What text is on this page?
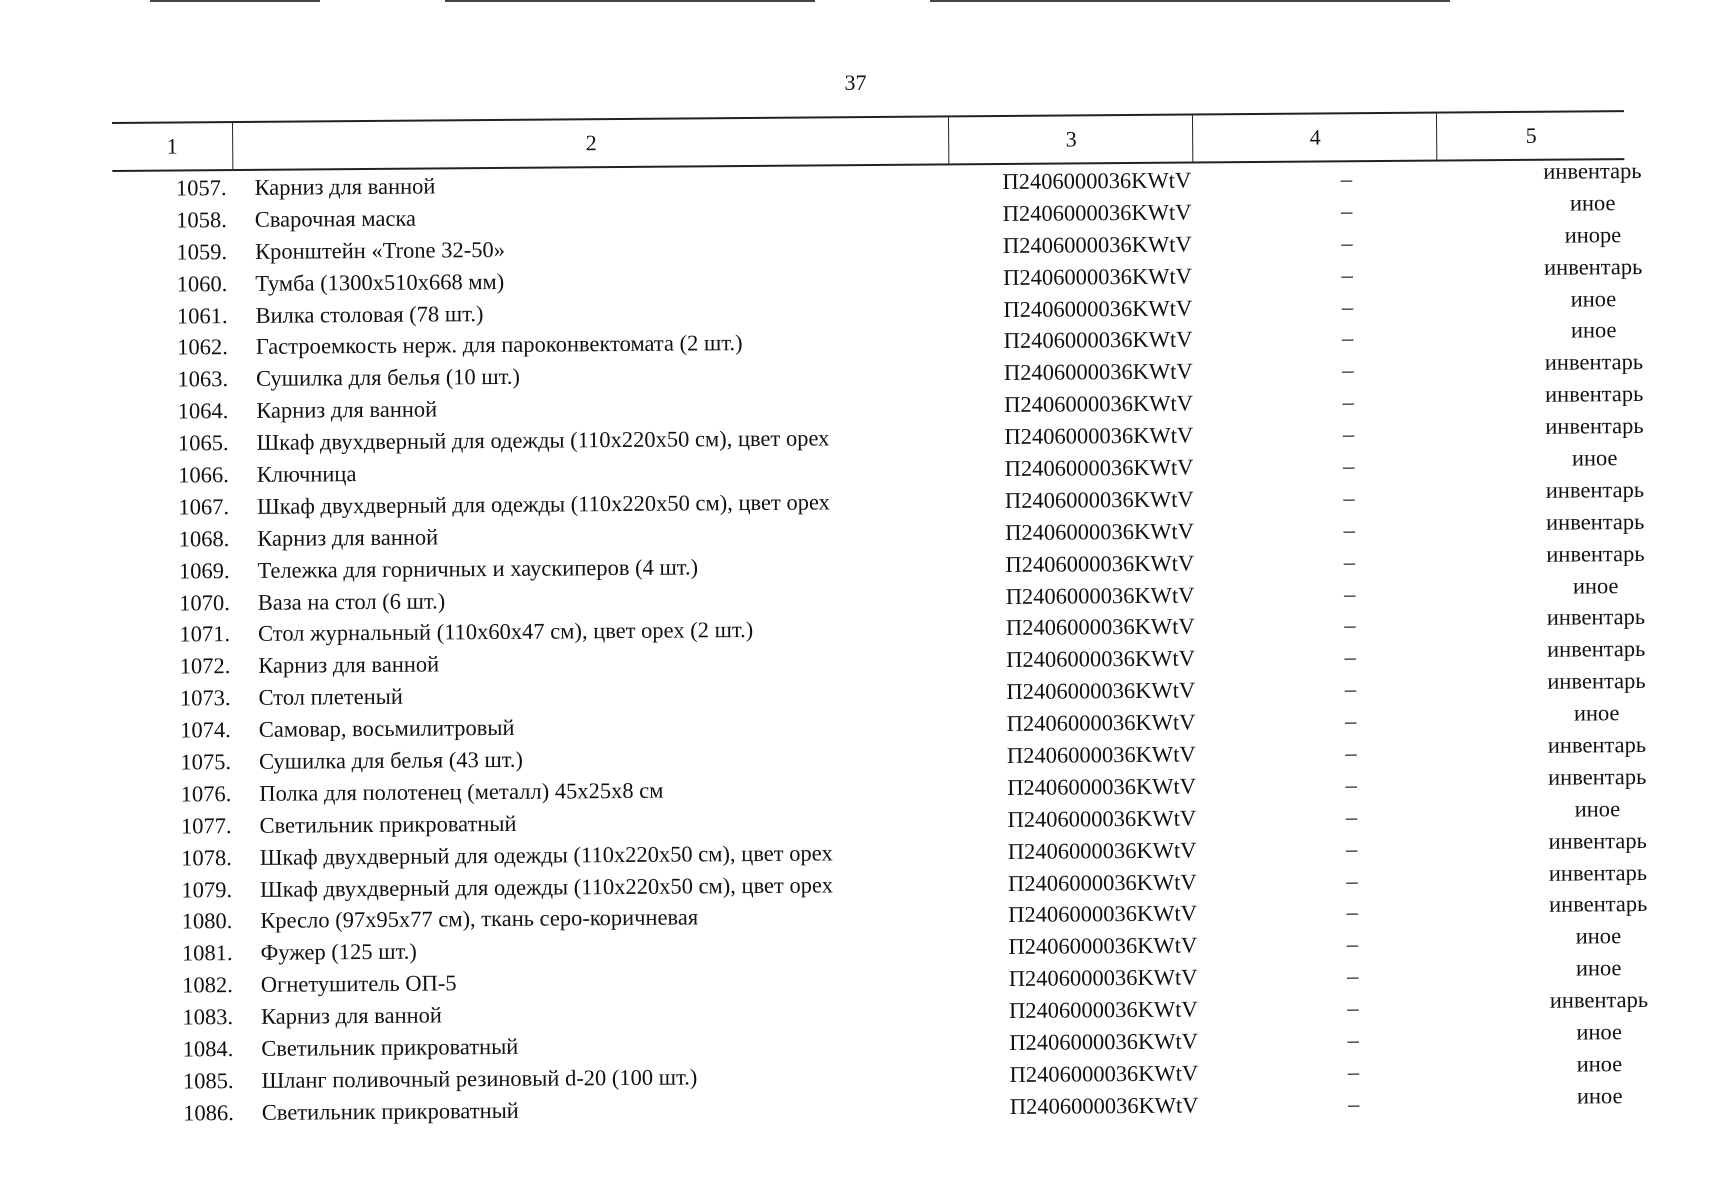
37
1	2	3	4	5
1057. Карниз для ванной	П2406000036KWtV	–	инвентарь
1058. Сварочная маска	П2406000036KWtV	–	иное
1059. Кронштейн «Trone 32-50»	П2406000036KWtV	–	иноре
1060. Тумба (1300x510x668 мм)	П2406000036KWtV	–	инвентарь
1061. Вилка столовая (78 шт.)	П2406000036KWtV	–	иное
1062. Гастроемкость нерж. для пароконвектомата (2 шт.)	П2406000036KWtV	–	иное
1063. Сушилка для белья (10 шт.)	П2406000036KWtV	–	инвентарь
1064. Карниз для ванной	П2406000036KWtV	–	инвентарь
1065. Шкаф двухдверный для одежды (110x220x50 см), цвет орех	П2406000036KWtV	–	инвентарь
1066. Ключница	П2406000036KWtV	–	иное
1067. Шкаф двухдверный для одежды (110x220x50 см), цвет орех	П2406000036KWtV	–	инвентарь
1068. Карниз для ванной	П2406000036KWtV	–	инвентарь
1069. Тележка для горничных и хаускиперов (4 шт.)	П2406000036KWtV	–	инвентарь
1070. Ваза на стол (6 шт.)	П2406000036KWtV	–	иное
1071. Стол журнальный (110x60x47 см), цвет орех (2 шт.)	П2406000036KWtV	–	инвентарь
1072. Карниз для ванной	П2406000036KWtV	–	инвентарь
1073. Стол плетеный	П2406000036KWtV	–	инвентарь
1074. Самовар, восьмилитровый	П2406000036KWtV	–	иное
1075. Сушилка для белья (43 шт.)	П2406000036KWtV	–	инвентарь
1076. Полка для полотенец (металл) 45x25x8 см	П2406000036KWtV	–	инвентарь
1077. Светильник прикроватный	П2406000036KWtV	–	иное
1078. Шкаф двухдверный для одежды (110x220x50 см), цвет орех	П2406000036KWtV	–	инвентарь
1079. Шкаф двухдверный для одежды (110x220x50 см), цвет орех	П2406000036KWtV	–	инвентарь
1080. Кресло (97x95x77 см), ткань серо-коричневая	П2406000036KWtV	–	инвентарь
1081. Фужер (125 шт.)	П2406000036KWtV	–	иное
1082. Огнетушитель ОП-5	П2406000036KWtV	–	иное
1083. Карниз для ванной	П2406000036KWtV	–	инвентарь
1084. Светильник прикроватный	П2406000036KWtV	–	иное
1085. Шланг поливочный резиновый d-20 (100 шт.)	П2406000036KWtV	–	иное
1086. Светильник прикроватный	П2406000036KWtV	–	иное
